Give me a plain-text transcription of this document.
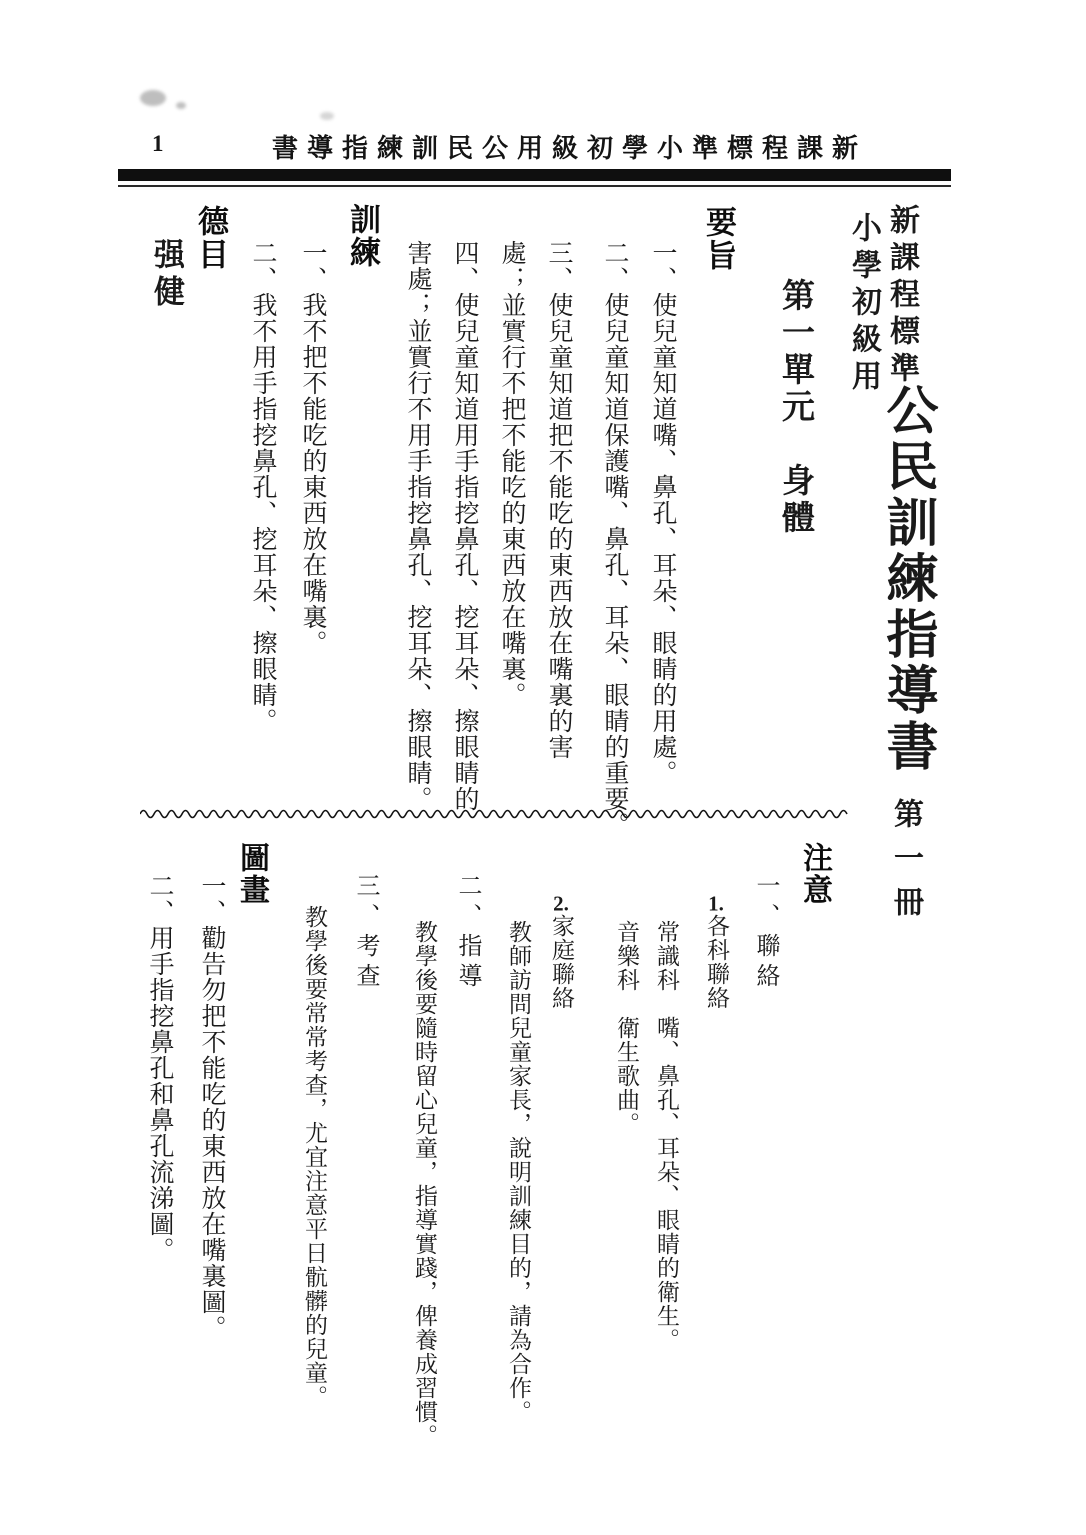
1	書導指練訓民公用級初學小準標程課新
新課程標準
小學初級用
公民訓練指導書
第一冊
第一單元　身體
要旨
一、使兒童知道嘴、鼻孔、耳朵、眼睛的用處。
二、使兒童知道保護嘴、鼻孔、耳朵、眼睛的重要。
三、使兒童知道把不能吃的東西放在嘴裏的害處；並實行不把不能吃的東西放在嘴裏。
四、使兒童知道用手指挖鼻孔、挖耳朵、擦眼睛的害處；並實行不用手指挖鼻孔、挖耳朵、擦眼睛。
訓練
一、我不把不能吃的東西放在嘴裏。
二、我不用手指挖鼻孔、挖耳朵、擦眼睛。
德目
强健
注意
一、聯絡
1.各科聯絡
常識科　嘴、鼻孔、耳朵、眼睛的衛生。
音樂科　衛生歌曲。
2.家庭聯絡
教師訪問兒童家長，說明訓練目的，請為合作。
二、指導
教學後要隨時留心兒童，指導實踐，俾養成習慣。
三、考查
教學後要常常考查，尤宜注意平日骯髒的兒童。
圖畫
一、勸告勿把不能吃的東西放在嘴裏圖。
二、用手指挖鼻孔和鼻孔流涕圖。
